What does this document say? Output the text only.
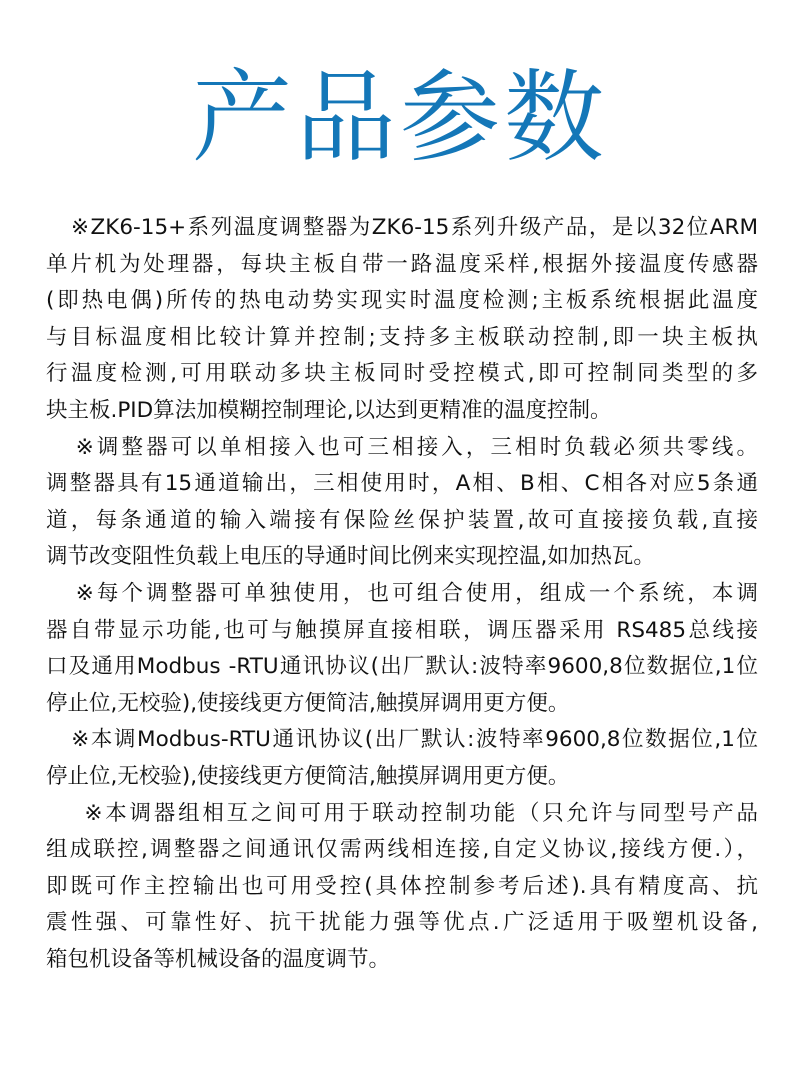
产品参数
※ZK6-15+系列温度调整器为ZK6-15系列升级产品，是以32位ARM
单片机为处理器，每块主板自带一路温度采样,根据外接温度传感器
(即热电偶)所传的热电动势实现实时温度检测;主板系统根据此温度
与目标温度相比较计算并控制;支持多主板联动控制,即一块主板执
行温度检测,可用联动多块主板同时受控模式,即可控制同类型的多
块主板.PID算法加模糊控制理论,以达到更精准的温度控制。
※调整器可以单相接入也可三相接入，三相时负载必须共零线。
调整器具有15通道输出，三相使用时，A相、B相、C相各对应5条通
道，每条通道的输入端接有保险丝保护装置,故可直接接负载,直接
调节改变阻性负载上电压的导通时间比例来实现控温,如加热瓦。
※每个调整器可单独使用，也可组合使用，组成一个系统，本调
器自带显示功能,也可与触摸屏直接相联，调压器采用 RS485总线接
口及通用Modbus -RTU通讯协议(出厂默认:波特率9600,8位数据位,1位
停止位,无校验),使接线更方便简洁,触摸屏调用更方便。
※本调Modbus-RTU通讯协议(出厂默认:波特率9600,8位数据位,1位
停止位,无校验),使接线更方便简洁,触摸屏调用更方便。
※本调器组相互之间可用于联动控制功能（只允许与同型号产品
组成联控,调整器之间通讯仅需两线相连接,自定义协议,接线方便.），
即既可作主控输出也可用受控(具体控制参考后述).具有精度高、抗
震性强、可靠性好、抗干扰能力强等优点.广泛适用于吸塑机设备,
箱包机设备等机械设备的温度调节。
